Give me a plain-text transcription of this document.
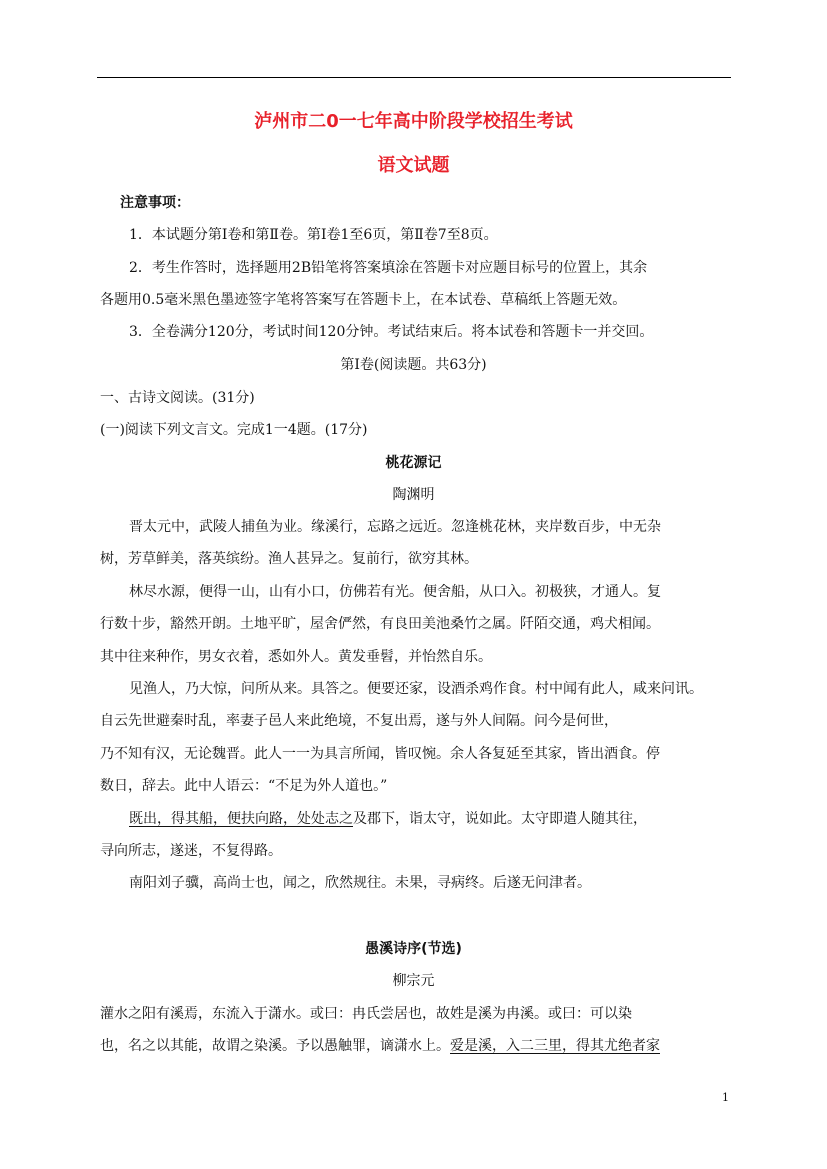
泸州市二0一七年高中阶段学校招生考试
语文试题
注意事项：
1．本试题分第Ⅰ卷和第Ⅱ卷。第Ⅰ卷1至6页，第Ⅱ卷7至8页。
2．考生作答时，选择题用2B铅笔将答案填涂在答题卡对应题目标号的位置上，其余
各题用0.5毫米黑色墨迹签字笔将答案写在答题卡上，在本试卷、草稿纸上答题无效。
3．全卷满分120分，考试时间120分钟。考试结束后。将本试卷和答题卡一并交回。
第Ⅰ卷(阅读题。共63分)
一、古诗文阅读。(31分)
(一)阅读下列文言文。完成1一4题。(17分)
桃花源记
陶渊明
晋太元中，武陵人捕鱼为业。缘溪行，忘路之远近。忽逢桃花林，夹岸数百步，中无杂
树，芳草鲜美，落英缤纷。渔人甚异之。复前行，欲穷其林。
林尽水源，便得一山，山有小口，仿佛若有光。便舍船，从口入。初极狭，才通人。复
行数十步，豁然开朗。土地平旷，屋舍俨然，有良田美池桑竹之属。阡陌交通，鸡犬相闻。
其中往来种作，男女衣着，悉如外人。黄发垂髫，并怡然自乐。
见渔人，乃大惊，问所从来。具答之。便要还家，设酒杀鸡作食。村中闻有此人，咸来问讯。
自云先世避秦时乱，率妻子邑人来此绝境，不复出焉，遂与外人间隔。问今是何世，
乃不知有汉，无论魏晋。此人一一为具言所闻，皆叹惋。余人各复延至其家，皆出酒食。停
数日，辞去。此中人语云：“不足为外人道也。”
既出，得其船，便扶向路，处处志之及郡下，诣太守，说如此。太守即遣人随其往，
寻向所志，遂迷，不复得路。
南阳刘子骥，高尚士也，闻之，欣然规往。未果，寻病终。后遂无问津者。
愚溪诗序(节选)
柳宗元
灌水之阳有溪焉，东流入于潇水。或曰：冉氏尝居也，故姓是溪为冉溪。或曰：可以染
也，名之以其能，故谓之染溪。予以愚触罪，谪潇水上。爱是溪，入二三里，得其尤绝者家
1
